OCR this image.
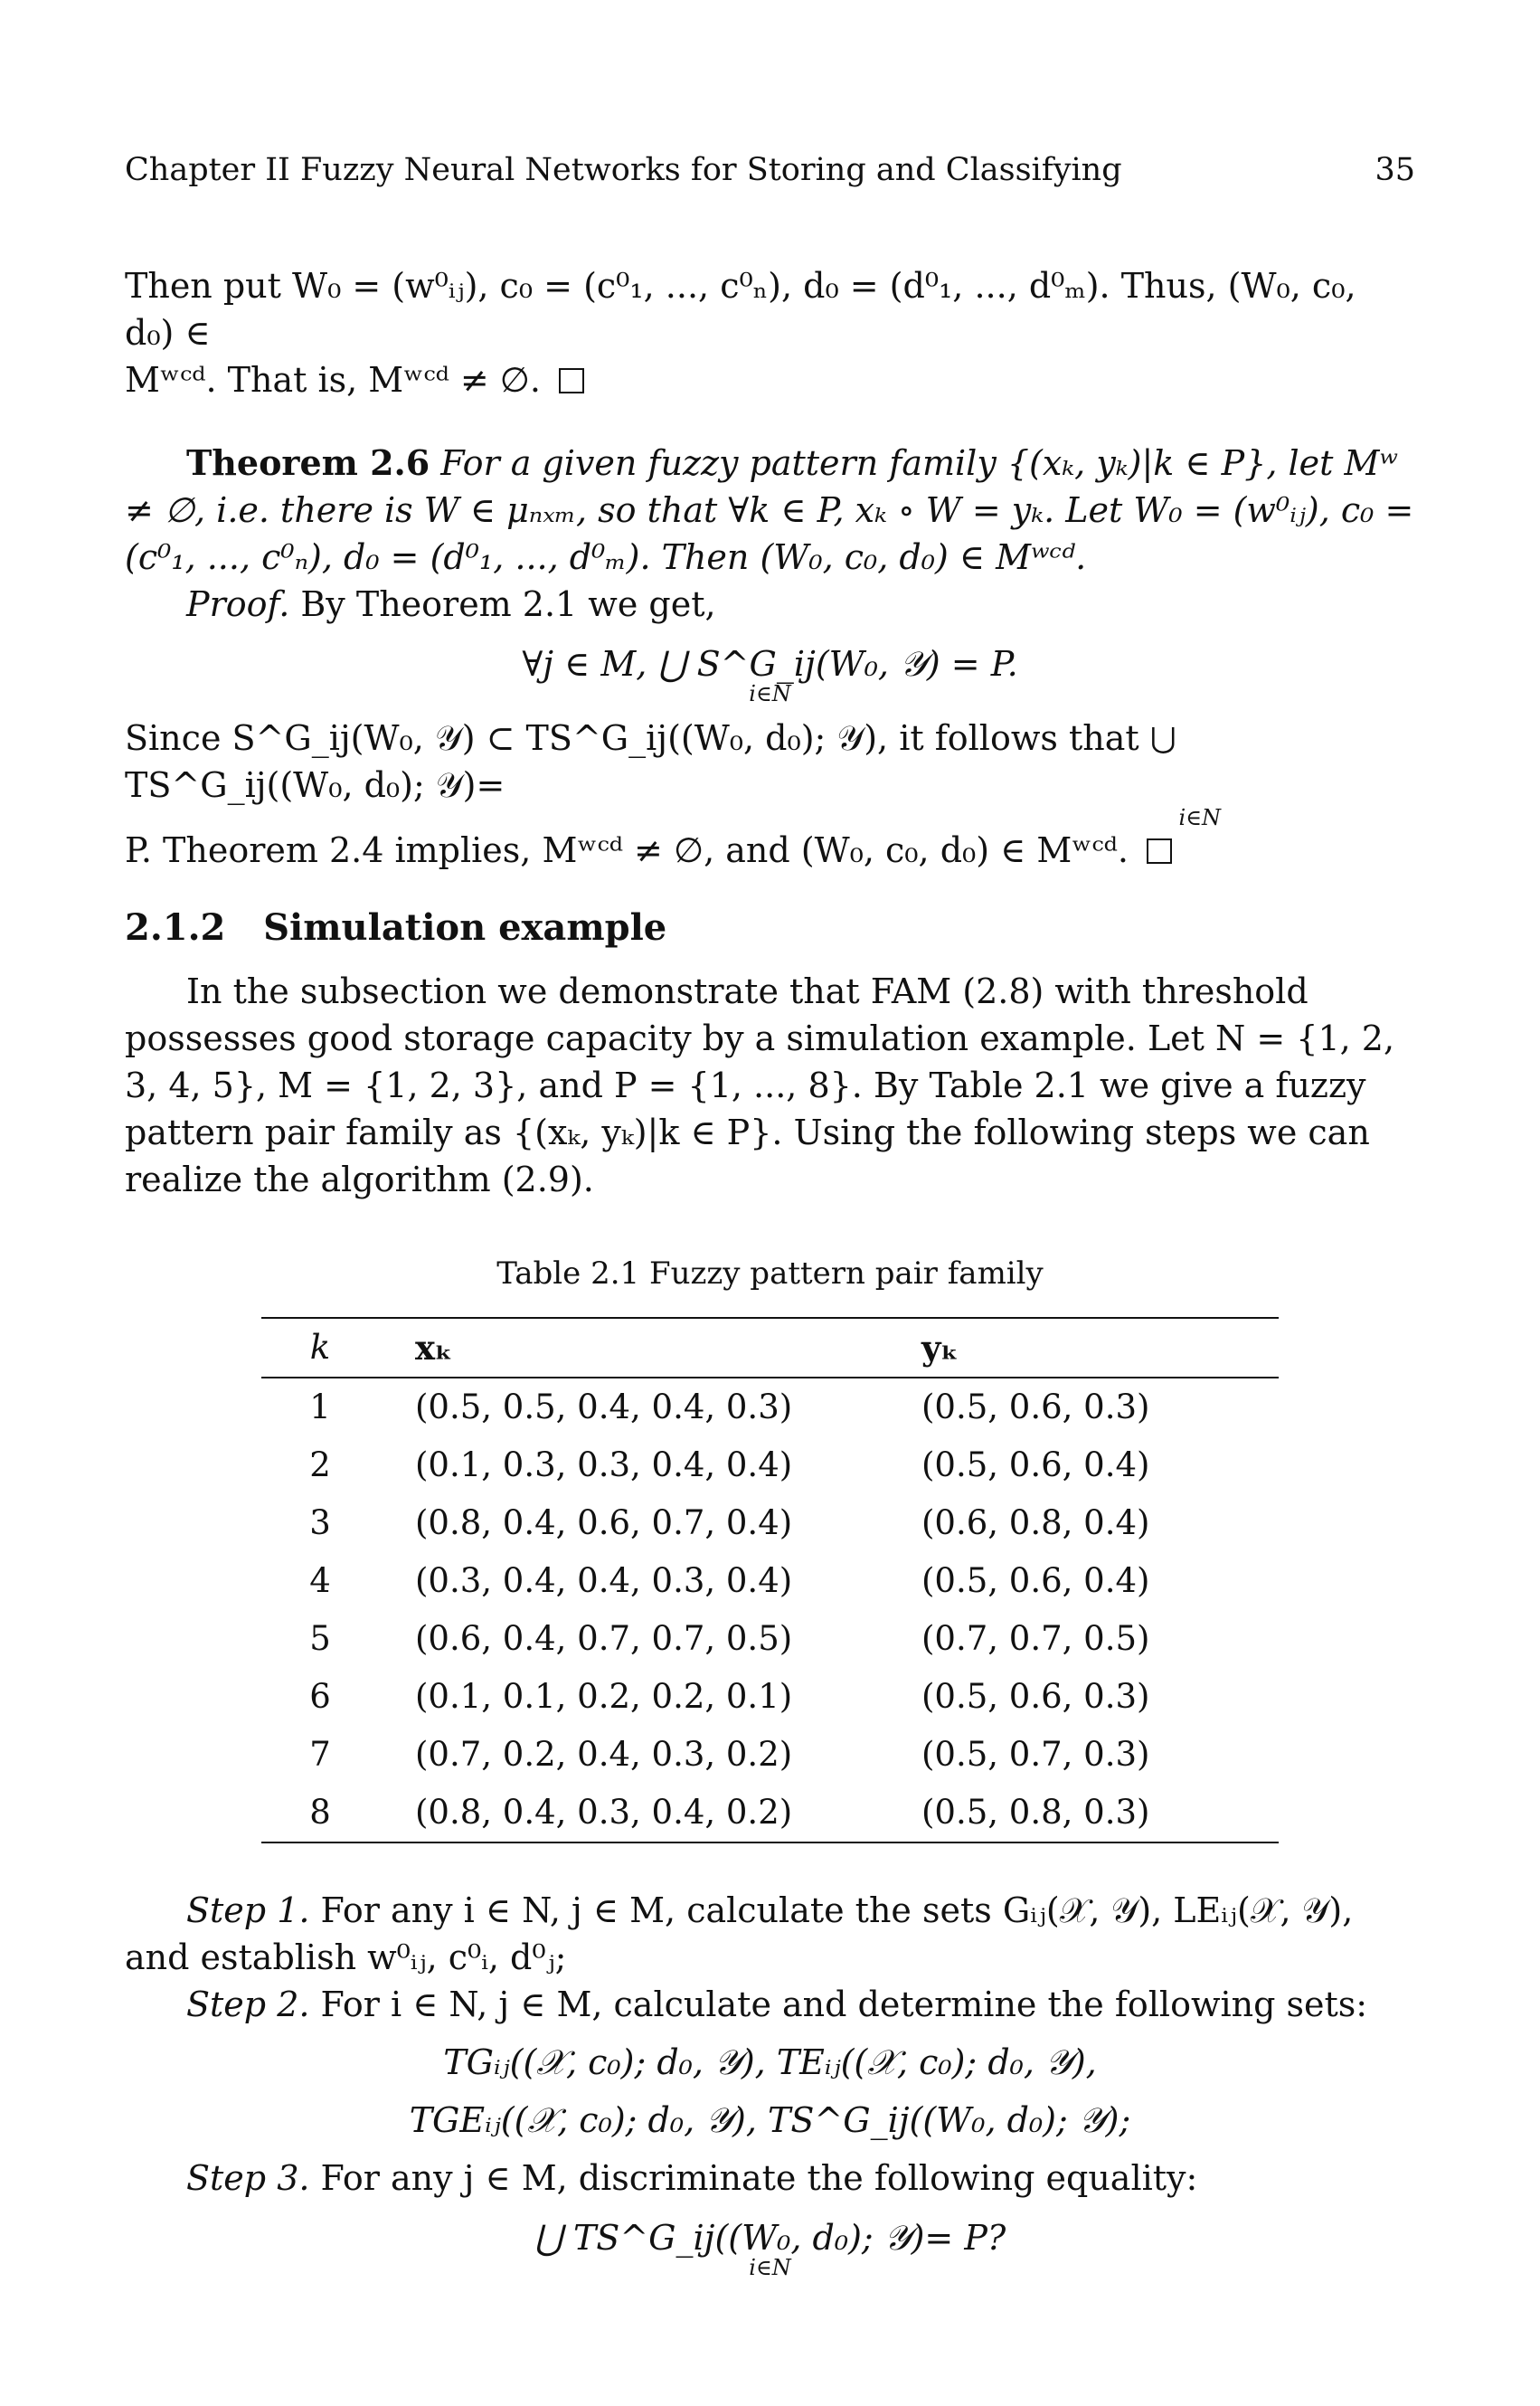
Chapter II Fuzzy Neural Networks for Storing and Classifying	35

Then put W₀ = (w⁰ᵢⱼ), c₀ = (c⁰₁, ..., c⁰ₙ), d₀ = (d⁰₁, ..., d⁰ₘ). Thus, (W₀, c₀, d₀) ∈
Mʷᶜᵈ. That is, Mʷᶜᵈ ≠ ∅.

Theorem 2.6 For a given fuzzy pattern family {(xₖ, yₖ)|k ∈ P}, let Mʷ ≠ ∅, i.e. there is W ∈ μₙₓₘ, so that ∀k ∈ P, xₖ ∘ W = yₖ. Let W₀ = (w⁰ᵢⱼ), c₀ = (c⁰₁, ..., c⁰ₙ), d₀ = (d⁰₁, ..., d⁰ₘ). Then (W₀, c₀, d₀) ∈ Mʷᶜᵈ.

Proof. By Theorem 2.1 we get,

∀j ∈ M, ⋃ S^G_ij(W₀, 𝒴) = P.
i∈N

Since S^G_ij(W₀, 𝒴) ⊂ TS^G_ij((W₀, d₀); 𝒴), it follows that ⋃ TS^G_ij((W₀, d₀); 𝒴)=

i∈N

P. Theorem 2.4 implies, Mʷᶜᵈ ≠ ∅, and (W₀, c₀, d₀) ∈ Mʷᶜᵈ.

2.1.2 Simulation example

In the subsection we demonstrate that FAM (2.8) with threshold possesses good storage capacity by a simulation example. Let N = {1, 2, 3, 4, 5}, M = {1, 2, 3}, and P = {1, ..., 8}. By Table 2.1 we give a fuzzy pattern pair family as {(xₖ, yₖ)|k ∈ P}. Using the following steps we can realize the algorithm (2.9).

Table 2.1 Fuzzy pattern pair family
k	xₖ	yₖ
1	(0.5, 0.5, 0.4, 0.4, 0.3)	(0.5, 0.6, 0.3)
2	(0.1, 0.3, 0.3, 0.4, 0.4)	(0.5, 0.6, 0.4)
3	(0.8, 0.4, 0.6, 0.7, 0.4)	(0.6, 0.8, 0.4)
4	(0.3, 0.4, 0.4, 0.3, 0.4)	(0.5, 0.6, 0.4)
5	(0.6, 0.4, 0.7, 0.7, 0.5)	(0.7, 0.7, 0.5)
6	(0.1, 0.1, 0.2, 0.2, 0.1)	(0.5, 0.6, 0.3)
7	(0.7, 0.2, 0.4, 0.3, 0.2)	(0.5, 0.7, 0.3)
8	(0.8, 0.4, 0.3, 0.4, 0.2)	(0.5, 0.8, 0.3)

Step 1. For any i ∈ N, j ∈ M, calculate the sets Gᵢⱼ(𝒳, 𝒴), LEᵢⱼ(𝒳, 𝒴), and establish w⁰ᵢⱼ, c⁰ᵢ, d⁰ⱼ;

Step 2. For i ∈ N, j ∈ M, calculate and determine the following sets:

TGᵢⱼ((𝒳, c₀); d₀, 𝒴), TEᵢⱼ((𝒳, c₀); d₀, 𝒴),
TGEᵢⱼ((𝒳, c₀); d₀, 𝒴), TS^G_ij((W₀, d₀); 𝒴);

Step 3. For any j ∈ M, discriminate the following equality:

⋃ TS^G_ij((W₀, d₀); 𝒴)= P?
i∈N
